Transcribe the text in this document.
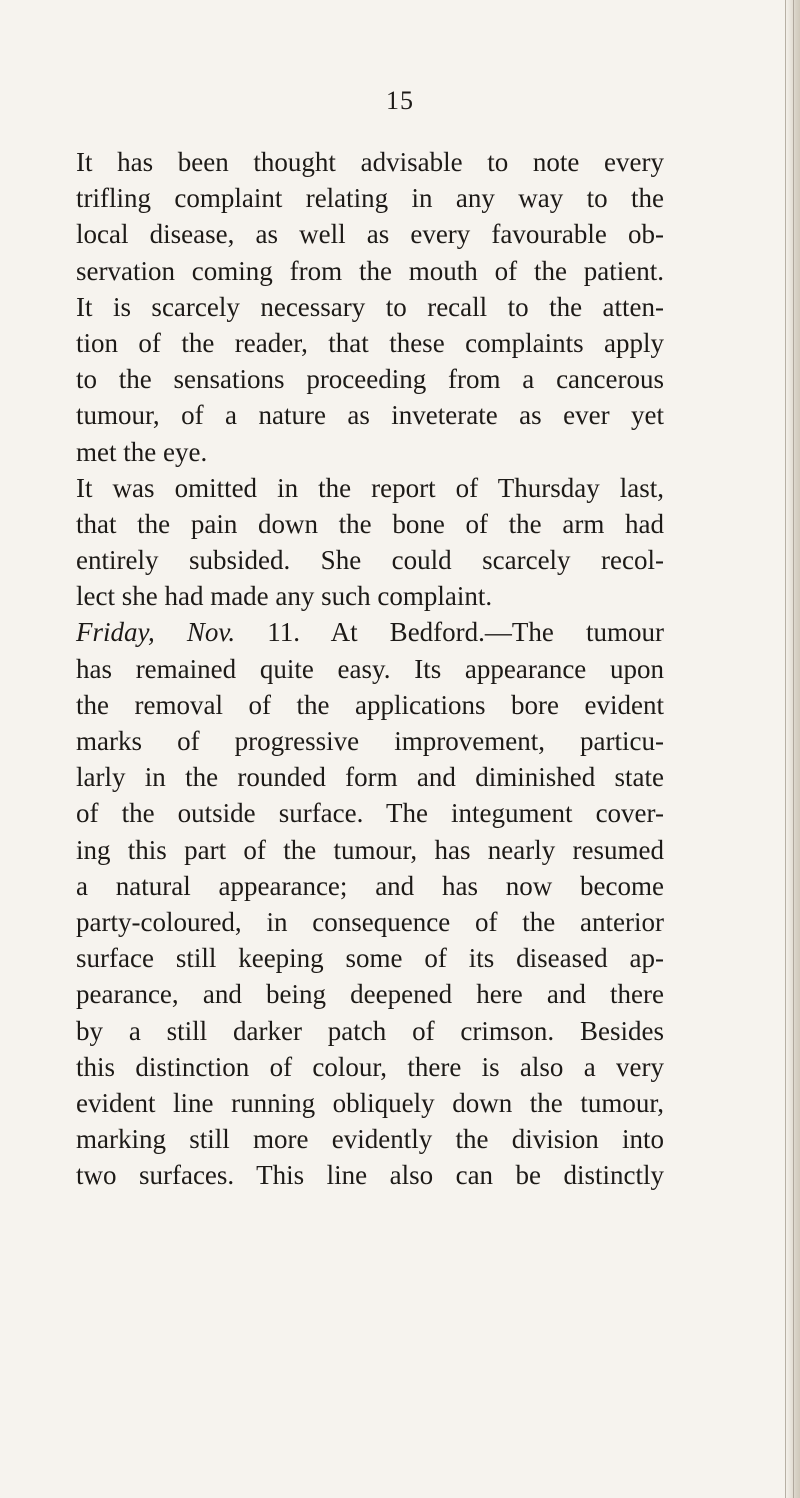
15
It has been thought advisable to note every
trifling complaint relating in any way to the
local disease, as well as every favourable ob-
servation coming from the mouth of the patient.
It is scarcely necessary to recall to the atten-
tion of the reader, that these complaints apply
to the sensations proceeding from a cancerous
tumour, of a nature as inveterate as ever yet
met the eye.
It was omitted in the report of Thursday last,
that the pain down the bone of the arm had
entirely subsided. She could scarcely recol-
lect she had made any such complaint.
Friday, Nov. 11. At Bedford.—The tumour
has remained quite easy. Its appearance upon
the removal of the applications bore evident
marks of progressive improvement, particu-
larly in the rounded form and diminished state
of the outside surface. The integument cover-
ing this part of the tumour, has nearly resumed
a natural appearance; and has now become
party-coloured, in consequence of the anterior
surface still keeping some of its diseased ap-
pearance, and being deepened here and there
by a still darker patch of crimson. Besides
this distinction of colour, there is also a very
evident line running obliquely down the tumour,
marking still more evidently the division into
two surfaces. This line also can be distinctly
